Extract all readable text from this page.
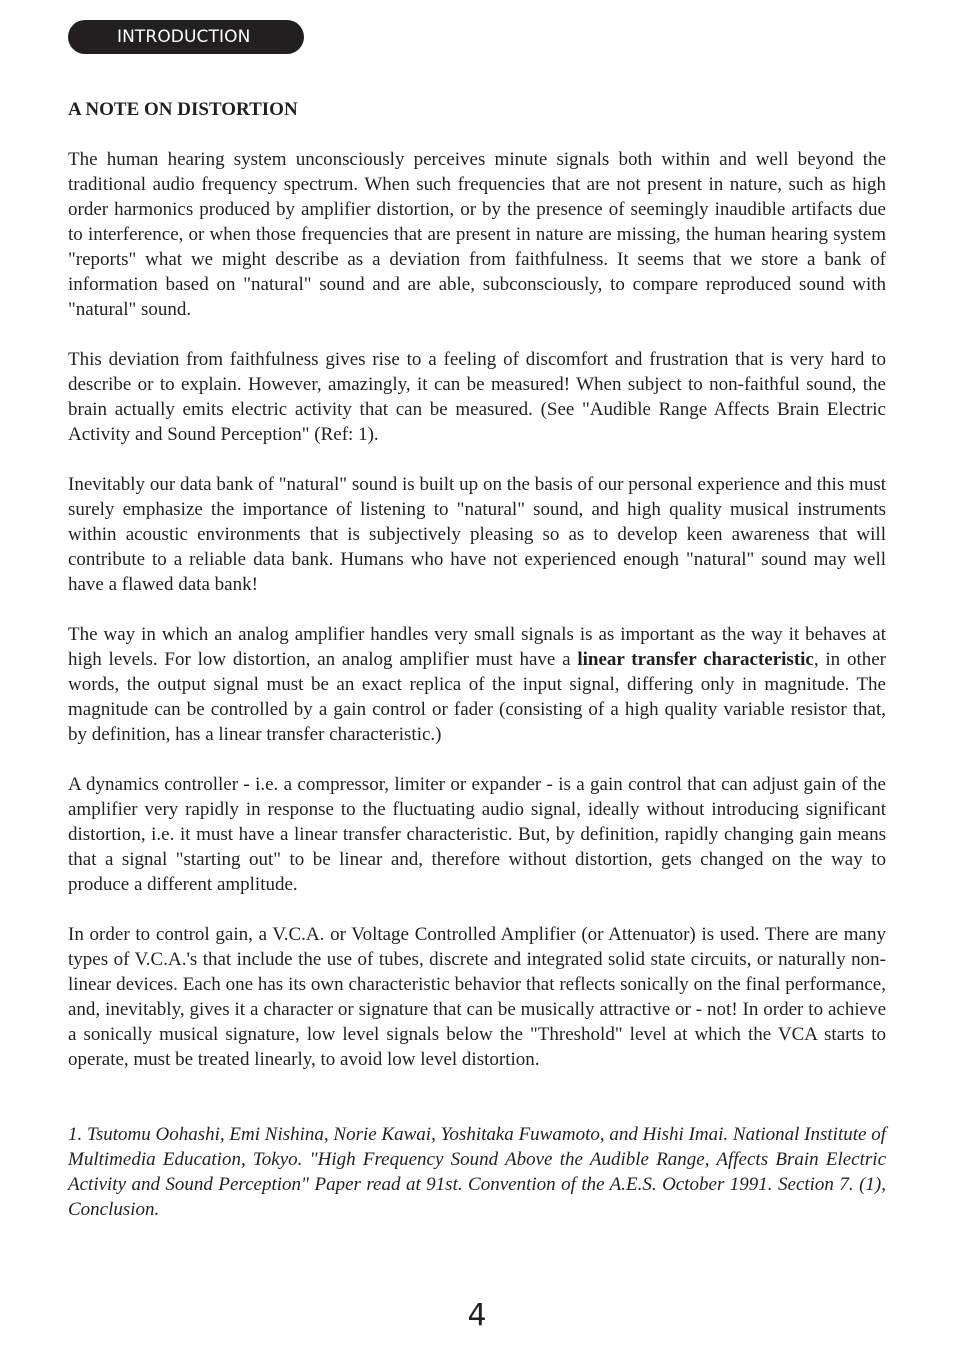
INTRODUCTION
A NOTE ON DISTORTION

The human hearing system unconsciously perceives minute signals both within and well beyond the traditional audio frequency spectrum. When such frequencies that are not present in nature, such as high order harmonics produced by amplifier distortion, or by the presence of seemingly inaudible artifacts due to interference, or when those frequencies that are present in nature are missing, the human hearing system "reports" what we might describe as a deviation from faithfulness. It seems that we store a bank of information based on "natural" sound and are able, subconsciously, to compare reproduced sound with "natural" sound.

This deviation from faithfulness gives rise to a feeling of discomfort and frustration that is very hard to describe or to explain. However, amazingly, it can be measured! When subject to non-faithful sound, the brain actually emits electric activity that can be measured. (See "Audible Range Affects Brain Electric Activity and Sound Perception" (Ref: 1).

Inevitably our data bank of "natural" sound is built up on the basis of our personal experience and this must surely emphasize the importance of listening to "natural" sound, and high quality musical instruments within acoustic environments that is subjectively pleasing so as to develop keen awareness that will contribute to a reliable data bank. Humans who have not experienced enough "natural" sound may well have a flawed data bank!

The way in which an analog amplifier handles very small signals is as important as the way it behaves at high levels. For low distortion, an analog amplifier must have a linear transfer characteristic, in other words, the output signal must be an exact replica of the input signal, differing only in magnitude. The magnitude can be controlled by a gain control or fader (consisting of a high quality variable resistor that, by definition, has a linear transfer characteristic.)

A dynamics controller - i.e. a compressor, limiter or expander - is a gain control that can adjust gain of the amplifier very rapidly in response to the fluctuating audio signal, ideally without introducing significant distortion, i.e. it must have a linear transfer characteristic. But, by definition, rapidly changing gain means that a signal "starting out" to be linear and, therefore without distortion, gets changed on the way to produce a different amplitude.

In order to control gain, a V.C.A. or Voltage Controlled Amplifier (or Attenuator) is used. There are many types of V.C.A.'s that include the use of tubes, discrete and integrated solid state circuits, or naturally non-linear devices. Each one has its own characteristic behavior that reflects sonically on the final performance, and, inevitably, gives it a character or signature that can be musically attractive or - not! In order to achieve a sonically musical signature, low level signals below the "Threshold" level at which the VCA starts to operate, must be treated linearly, to avoid low level distortion.

1. Tsutomu Oohashi, Emi Nishina, Norie Kawai, Yoshitaka Fuwamoto, and Hishi Imai. National Institute of Multimedia Education, Tokyo. "High Frequency Sound Above the Audible Range, Affects Brain Electric Activity and Sound Perception" Paper read at 91st. Convention of the A.E.S. October 1991. Section 7. (1), Conclusion.

4
